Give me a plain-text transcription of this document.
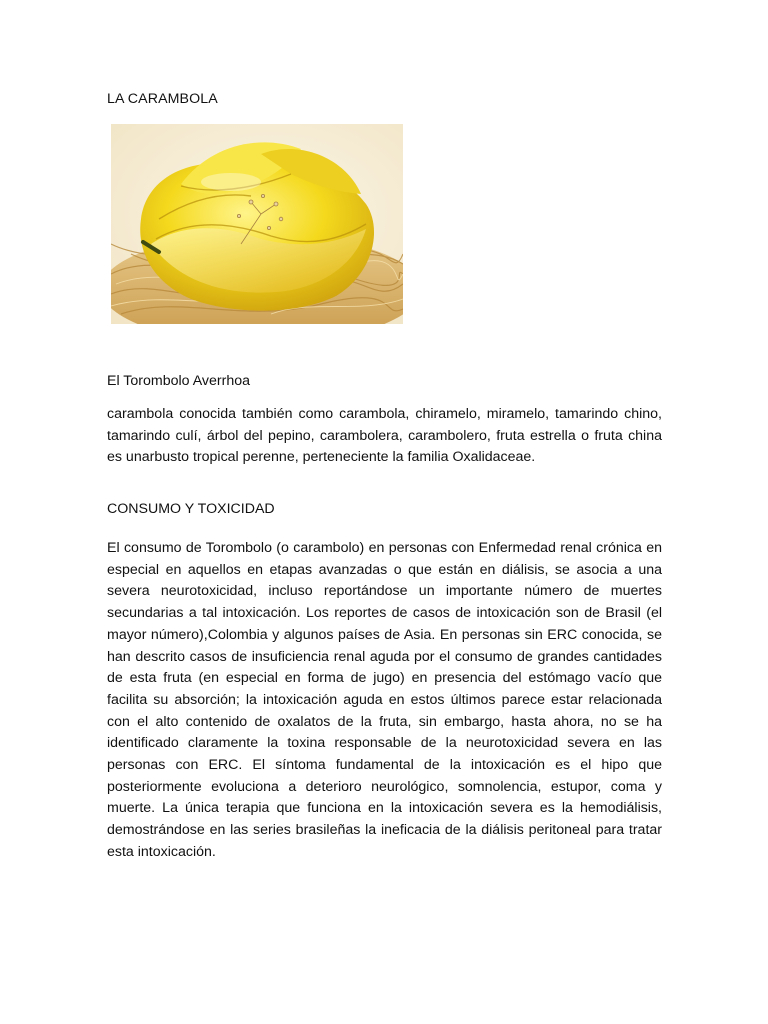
LA CARAMBOLA
El Torombolo Averrhoa

carambola conocida también como carambola, chiramelo, miramelo, tamarindo chino, tamarindo culí, árbol del pepino, carambolera, carambolero, fruta estrella o fruta china es unarbusto tropical perenne, perteneciente la familia Oxalidaceae.

CONSUMO Y TOXICIDAD

El consumo de Torombolo (o carambolo) en personas con Enfermedad renal crónica en especial en aquellos en etapas avanzadas o que están en diálisis, se asocia a una severa neurotoxicidad, incluso reportándose un importante número de muertes secundarias a tal intoxicación. Los reportes de casos de intoxicación son de Brasil (el mayor número),Colombia y algunos países de Asia. En personas sin ERC conocida, se han descrito casos de insuficiencia renal aguda por el consumo de grandes cantidades de esta fruta (en especial en forma de jugo) en presencia del estómago vacío que facilita su absorción; la intoxicación aguda en estos últimos parece estar relacionada con el alto contenido de oxalatos de la fruta, sin embargo, hasta ahora, no se ha identificado claramente la toxina responsable de la neurotoxicidad severa en las personas con ERC. El síntoma fundamental de la intoxicación es el hipo que posteriormente evoluciona a deterioro neurológico, somnolencia, estupor, coma y muerte. La única terapia que funciona en la intoxicación severa es la hemodiálisis, demostrándose en las series brasileñas la ineficacia de la diálisis peritoneal para tratar esta intoxicación.
